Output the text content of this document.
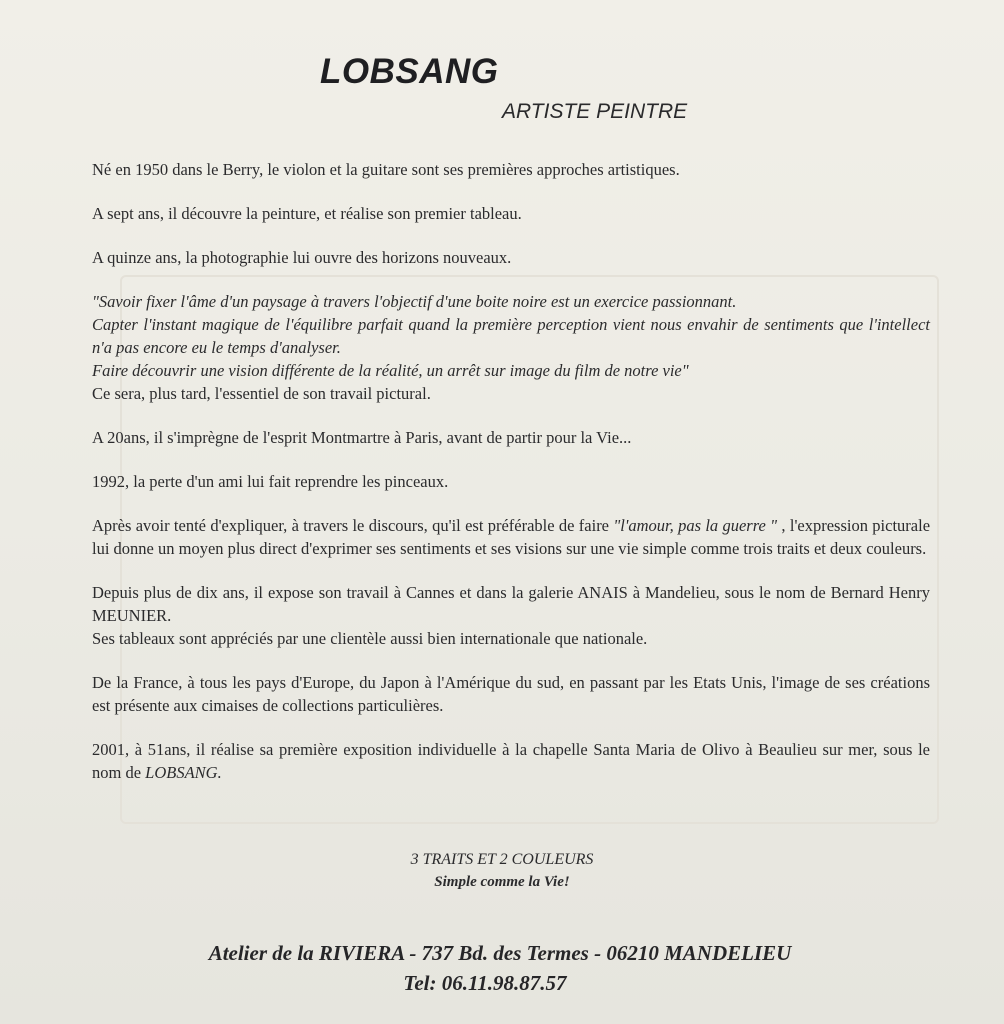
LOBSANG
ARTISTE PEINTRE

Né en 1950 dans le Berry, le violon et la guitare sont ses premières approches artistiques.

A sept ans, il découvre la peinture, et réalise son premier tableau.

A quinze ans, la photographie lui ouvre des horizons nouveaux.

"Savoir fixer l'âme d'un paysage à travers l'objectif d'une boite noire est un exercice passionnant.
Capter l'instant magique de l'équilibre parfait quand la première perception vient nous envahir de sentiments que l'intellect n'a pas encore eu le temps d'analyser.
Faire découvrir une vision différente de la réalité, un arrêt sur image du film de notre vie"
Ce sera, plus tard, l'essentiel de son travail pictural.

A 20ans, il s'imprègne de l'esprit Montmartre à Paris, avant de partir pour la Vie...

1992, la perte d'un ami lui fait reprendre les pinceaux.

Après avoir tenté d'expliquer, à travers le discours, qu'il est préférable de faire "l'amour, pas la guerre " , l'expression picturale lui donne un moyen plus direct d'exprimer ses sentiments et ses visions sur une vie simple comme trois traits et deux couleurs.

Depuis plus de dix ans, il expose son travail à Cannes et dans la galerie ANAIS à Mandelieu, sous le nom de Bernard Henry MEUNIER.
Ses tableaux sont appréciés par une clientèle aussi bien internationale que nationale.

De la France, à tous les pays d'Europe, du Japon à l'Amérique du sud, en passant par les Etats Unis, l'image de ses créations est présente aux cimaises de collections particulières.

2001, à 51ans, il réalise sa première exposition individuelle à la chapelle Santa Maria de Olivo à Beaulieu sur mer, sous le nom de LOBSANG.

3 TRAITS ET 2 COULEURS
Simple comme la Vie!
Atelier de la RIVIERA - 737 Bd. des Termes - 06210 MANDELIEU
Tel: 06.11.98.87.57
